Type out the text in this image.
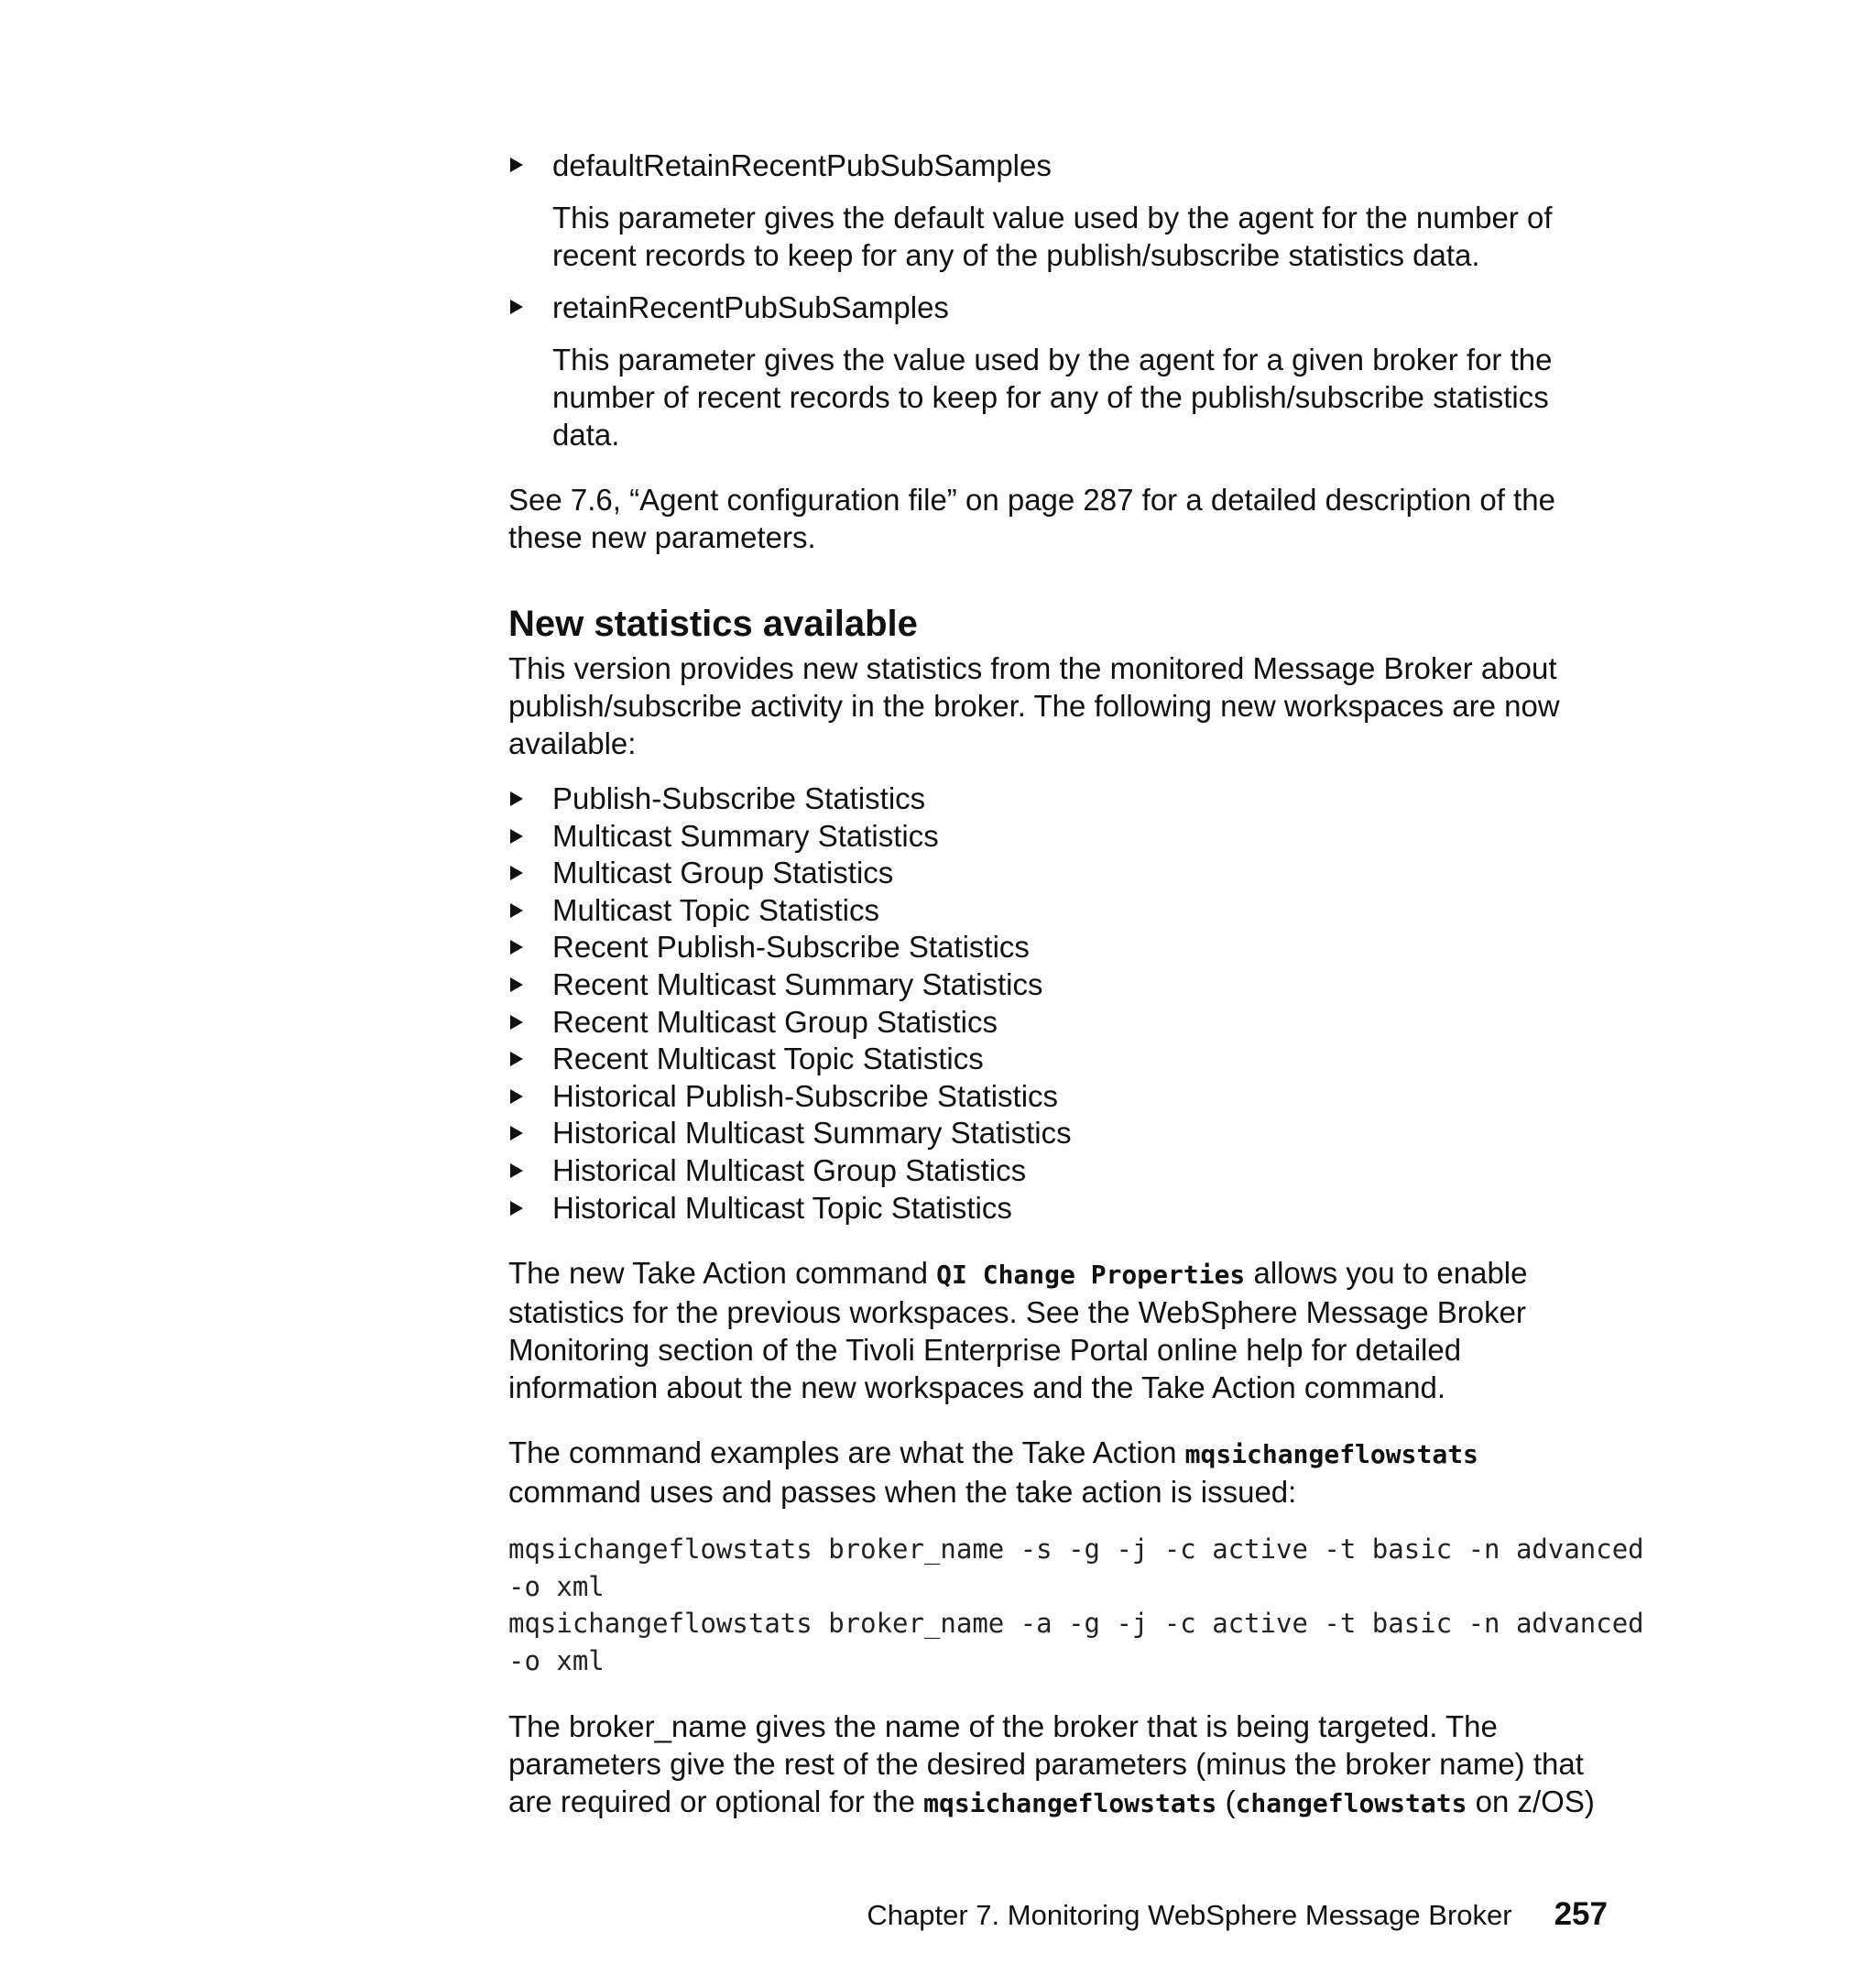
defaultRetainRecentPubSubSamples

This parameter gives the default value used by the agent for the number of recent records to keep for any of the publish/subscribe statistics data.

retainRecentPubSubSamples

This parameter gives the value used by the agent for a given broker for the number of recent records to keep for any of the publish/subscribe statistics data.

See 7.6, “Agent configuration file” on page 287 for a detailed description of the these new parameters.

New statistics available

This version provides new statistics from the monitored Message Broker about publish/subscribe activity in the broker. The following new workspaces are now available:

Publish-Subscribe Statistics
Multicast Summary Statistics
Multicast Group Statistics
Multicast Topic Statistics
Recent Publish-Subscribe Statistics
Recent Multicast Summary Statistics
Recent Multicast Group Statistics
Recent Multicast Topic Statistics
Historical Publish-Subscribe Statistics
Historical Multicast Summary Statistics
Historical Multicast Group Statistics
Historical Multicast Topic Statistics

The new Take Action command QI Change Properties allows you to enable statistics for the previous workspaces. See the WebSphere Message Broker Monitoring section of the Tivoli Enterprise Portal online help for detailed information about the new workspaces and the Take Action command.

The command examples are what the Take Action mqsichangeflowstats command uses and passes when the take action is issued:

mqsichangeflowstats broker_name -s -g -j -c active -t basic -n advanced
-o xml
mqsichangeflowstats broker_name -a -g -j -c active -t basic -n advanced
-o xml

The broker_name gives the name of the broker that is being targeted. The parameters give the rest of the desired parameters (minus the broker name) that are required or optional for the mqsichangeflowstats (changeflowstats on z/OS)

Chapter 7. Monitoring WebSphere Message Broker 257
